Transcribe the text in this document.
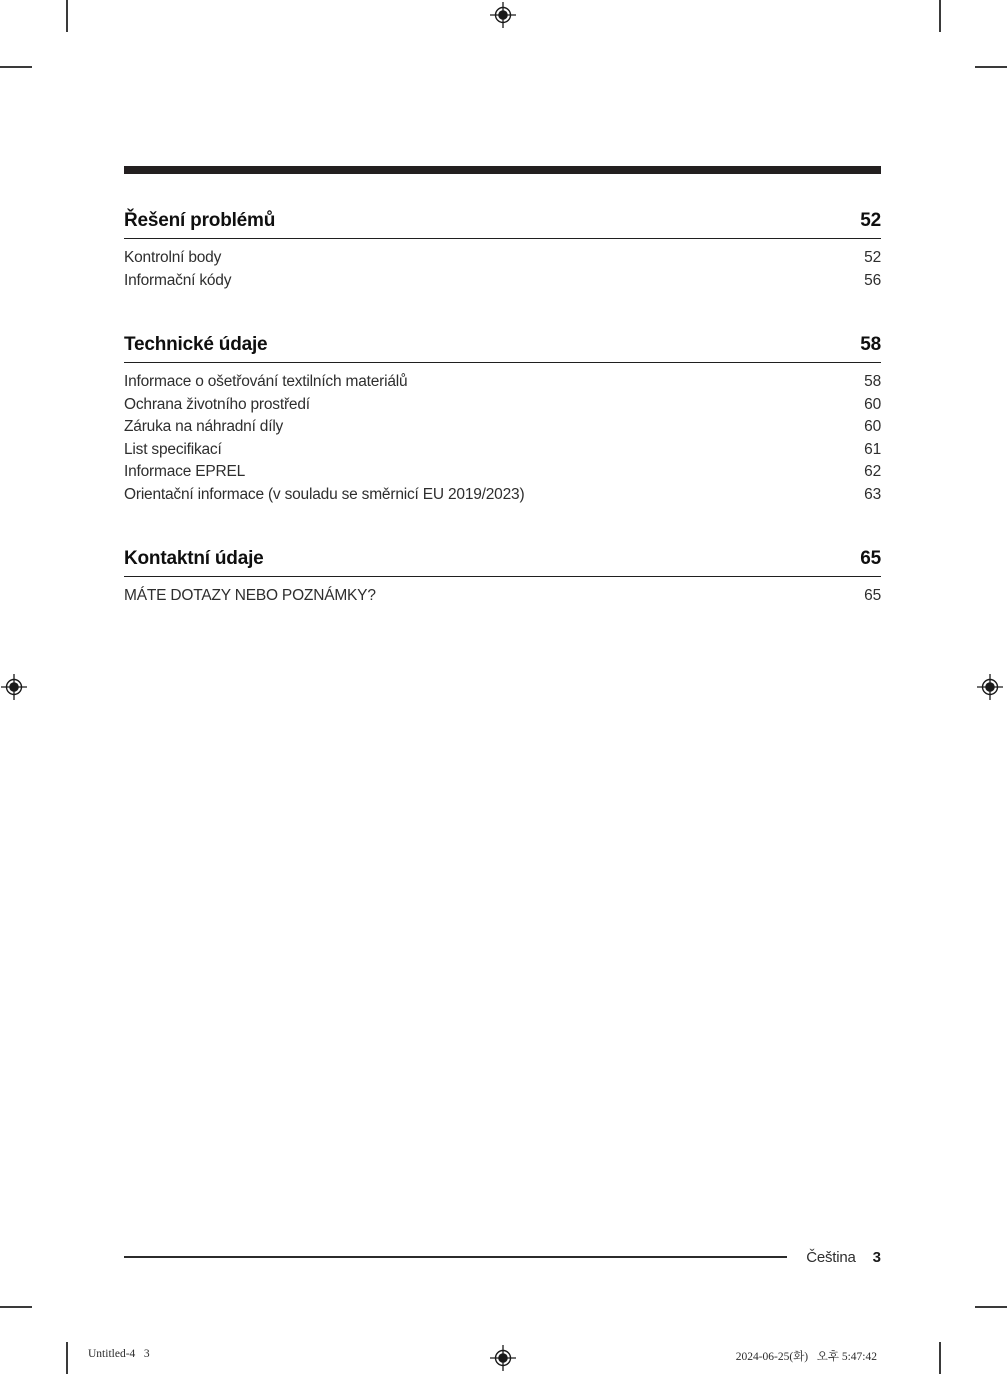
Řešení problémů	52
Kontrolní body	52
Informační kódy	56
Technické údaje	58
Informace o ošetřování textilních materiálů	58
Ochrana životního prostředí	60
Záruka na náhradní díly	60
List specifikací	61
Informace EPREL	62
Orientační informace (v souladu se směrnicí EU 2019/2023)	63
Kontaktní údaje	65
MÁTE DOTAZY NEBO POZNÁMKY?	65
Čeština 3
Untitled-4   3	2024-06-25(화)   오후 5:47:42
